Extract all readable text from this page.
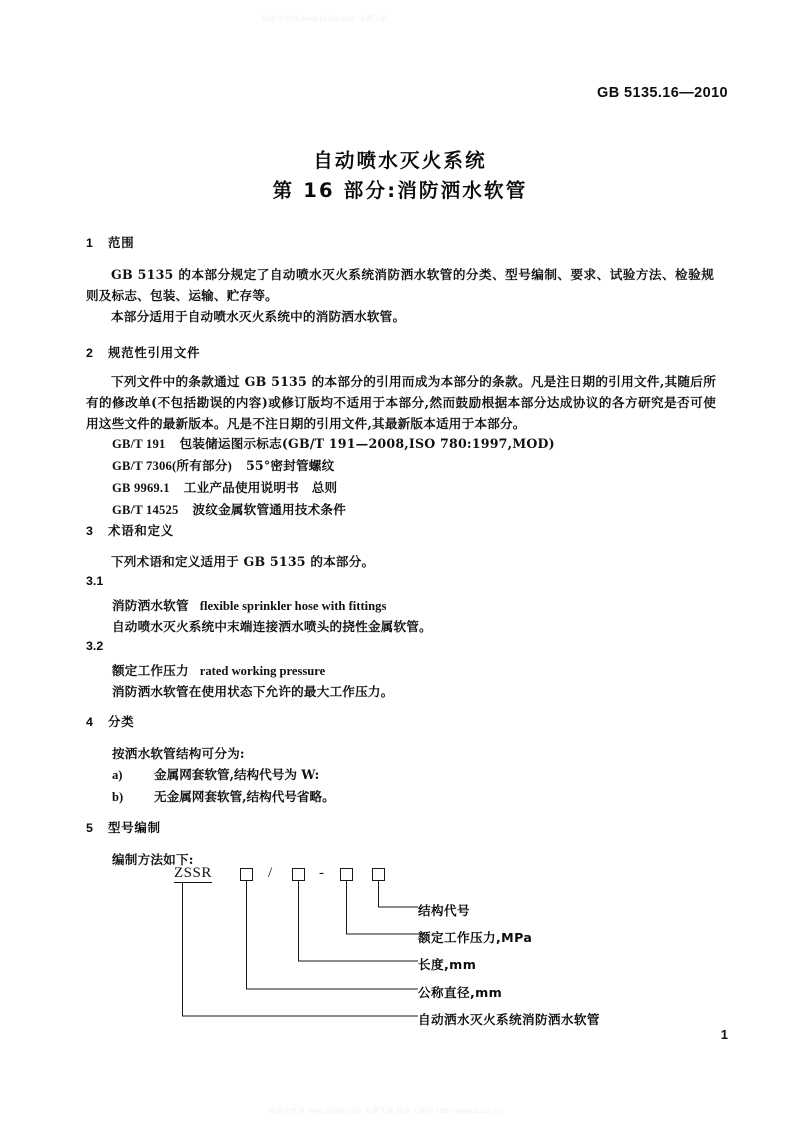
标准分享网 www.bzfxw.com 免费下载
标准分享网 www.bzfxw.com 免费下载 标准下载网 http://www.bzxz.net
GB 5135.16—2010
自动喷水灭火系统
第 16 部分:消防洒水软管
1 范围
GB 5135 的本部分规定了自动喷水灭火系统消防洒水软管的分类、型号编制、要求、试验方法、检验规则及标志、包装、运输、贮存等。
本部分适用于自动喷水灭火系统中的消防洒水软管。
2 规范性引用文件
下列文件中的条款通过 GB 5135 的本部分的引用而成为本部分的条款。凡是注日期的引用文件,其随后所有的修改单(不包括勘误的内容)或修订版均不适用于本部分,然而鼓励根据本部分达成协议的各方研究是否可使用这些文件的最新版本。凡是不注日期的引用文件,其最新版本适用于本部分。
GB/T 191 包装储运图示标志(GB/T 191—2008,ISO 780:1997,MOD)
GB/T 7306(所有部分) 55°密封管螺纹
GB 9969.1 工业产品使用说明书　总则
GB/T 14525 波纹金属软管通用技术条件
3 术语和定义
下列术语和定义适用于 GB 5135 的本部分。
3.1
消防洒水软管 flexible sprinkler hose with fittings
自动喷水灭火系统中末端连接洒水喷头的挠性金属软管。
3.2
额定工作压力 rated working pressure
消防洒水软管在使用状态下允许的最大工作压力。
4 分类
按洒水软管结构可分为:
a)	金属网套软管,结构代号为 W:
b) 无金属网套软管,结构代号省略。
5 型号编制
编制方法如下:
ZSSR	/	-
结构代号
额定工作压力,MPa
长度,mm
公称直径,mm
自动洒水灭火系统消防洒水软管
1
